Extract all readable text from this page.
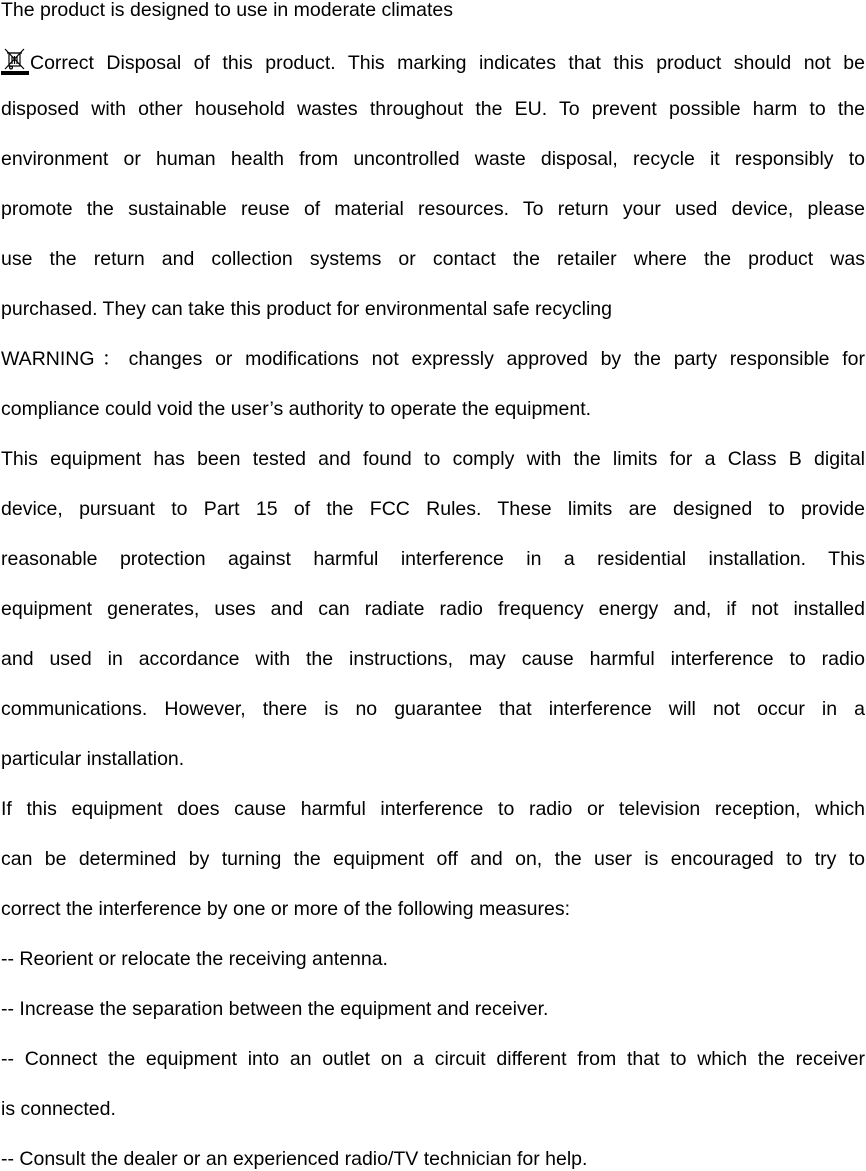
The product is designed to use in moderate climates
Correct Disposal of this product. This marking indicates that this product should not be
disposed with other household wastes throughout the EU. To prevent possible harm to the
environment or human health from uncontrolled waste disposal, recycle it responsibly to
promote the sustainable reuse of material resources. To return your used device, please
use the return and collection systems or contact the retailer where the product was
purchased. They can take this product for environmental safe recycling
WARNING：changes or modifications not expressly approved by the party responsible for
compliance could void the user’s authority to operate the equipment.
This equipment has been tested and found to comply with the limits for a Class B digital
device, pursuant to Part 15 of the FCC Rules. These limits are designed to provide
reasonable protection against harmful interference in a residential installation. This
equipment generates, uses and can radiate radio frequency energy and, if not installed
and used in accordance with the instructions, may cause harmful interference to radio
communications. However, there is no guarantee that interference will not occur in a
particular installation.
If this equipment does cause harmful interference to radio or television reception, which
can be determined by turning the equipment off and on, the user is encouraged to try to
correct the interference by one or more of the following measures:
-- Reorient or relocate the receiving antenna.
-- Increase the separation between the equipment and receiver.
-- Connect the equipment into an outlet on a circuit different from that to which the receiver
is connected.
-- Consult the dealer or an experienced radio/TV technician for help.
